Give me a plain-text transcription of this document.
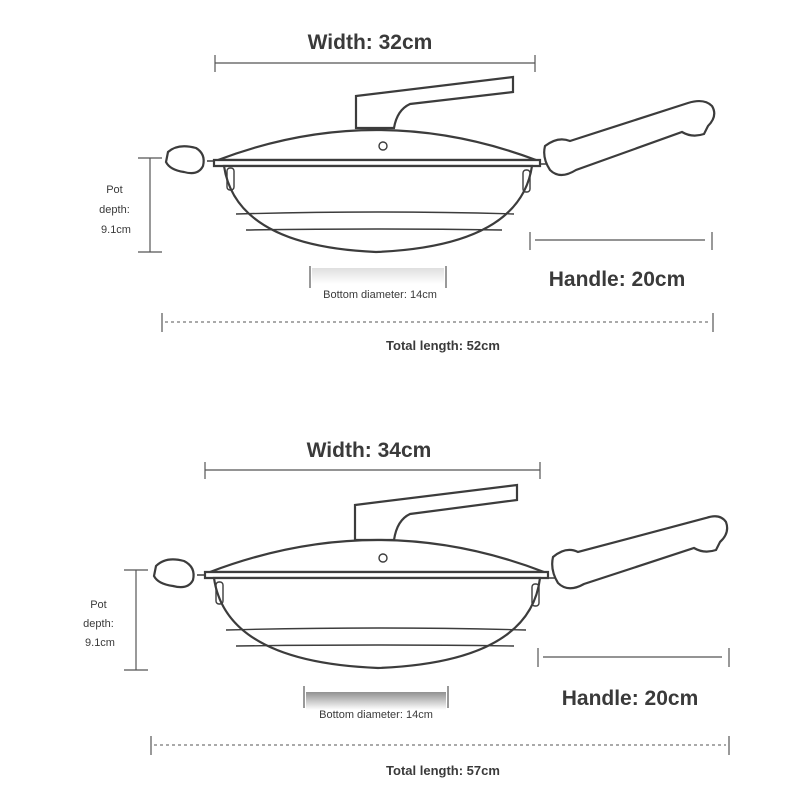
Width: 32cm
Pot depth: 9.1cm
Bottom diameter: 14cm
Handle: 20cm
Total length: 52cm
Width: 34cm
Pot depth: 9.1cm
Bottom diameter: 14cm
Handle: 20cm
Total length: 57cm
